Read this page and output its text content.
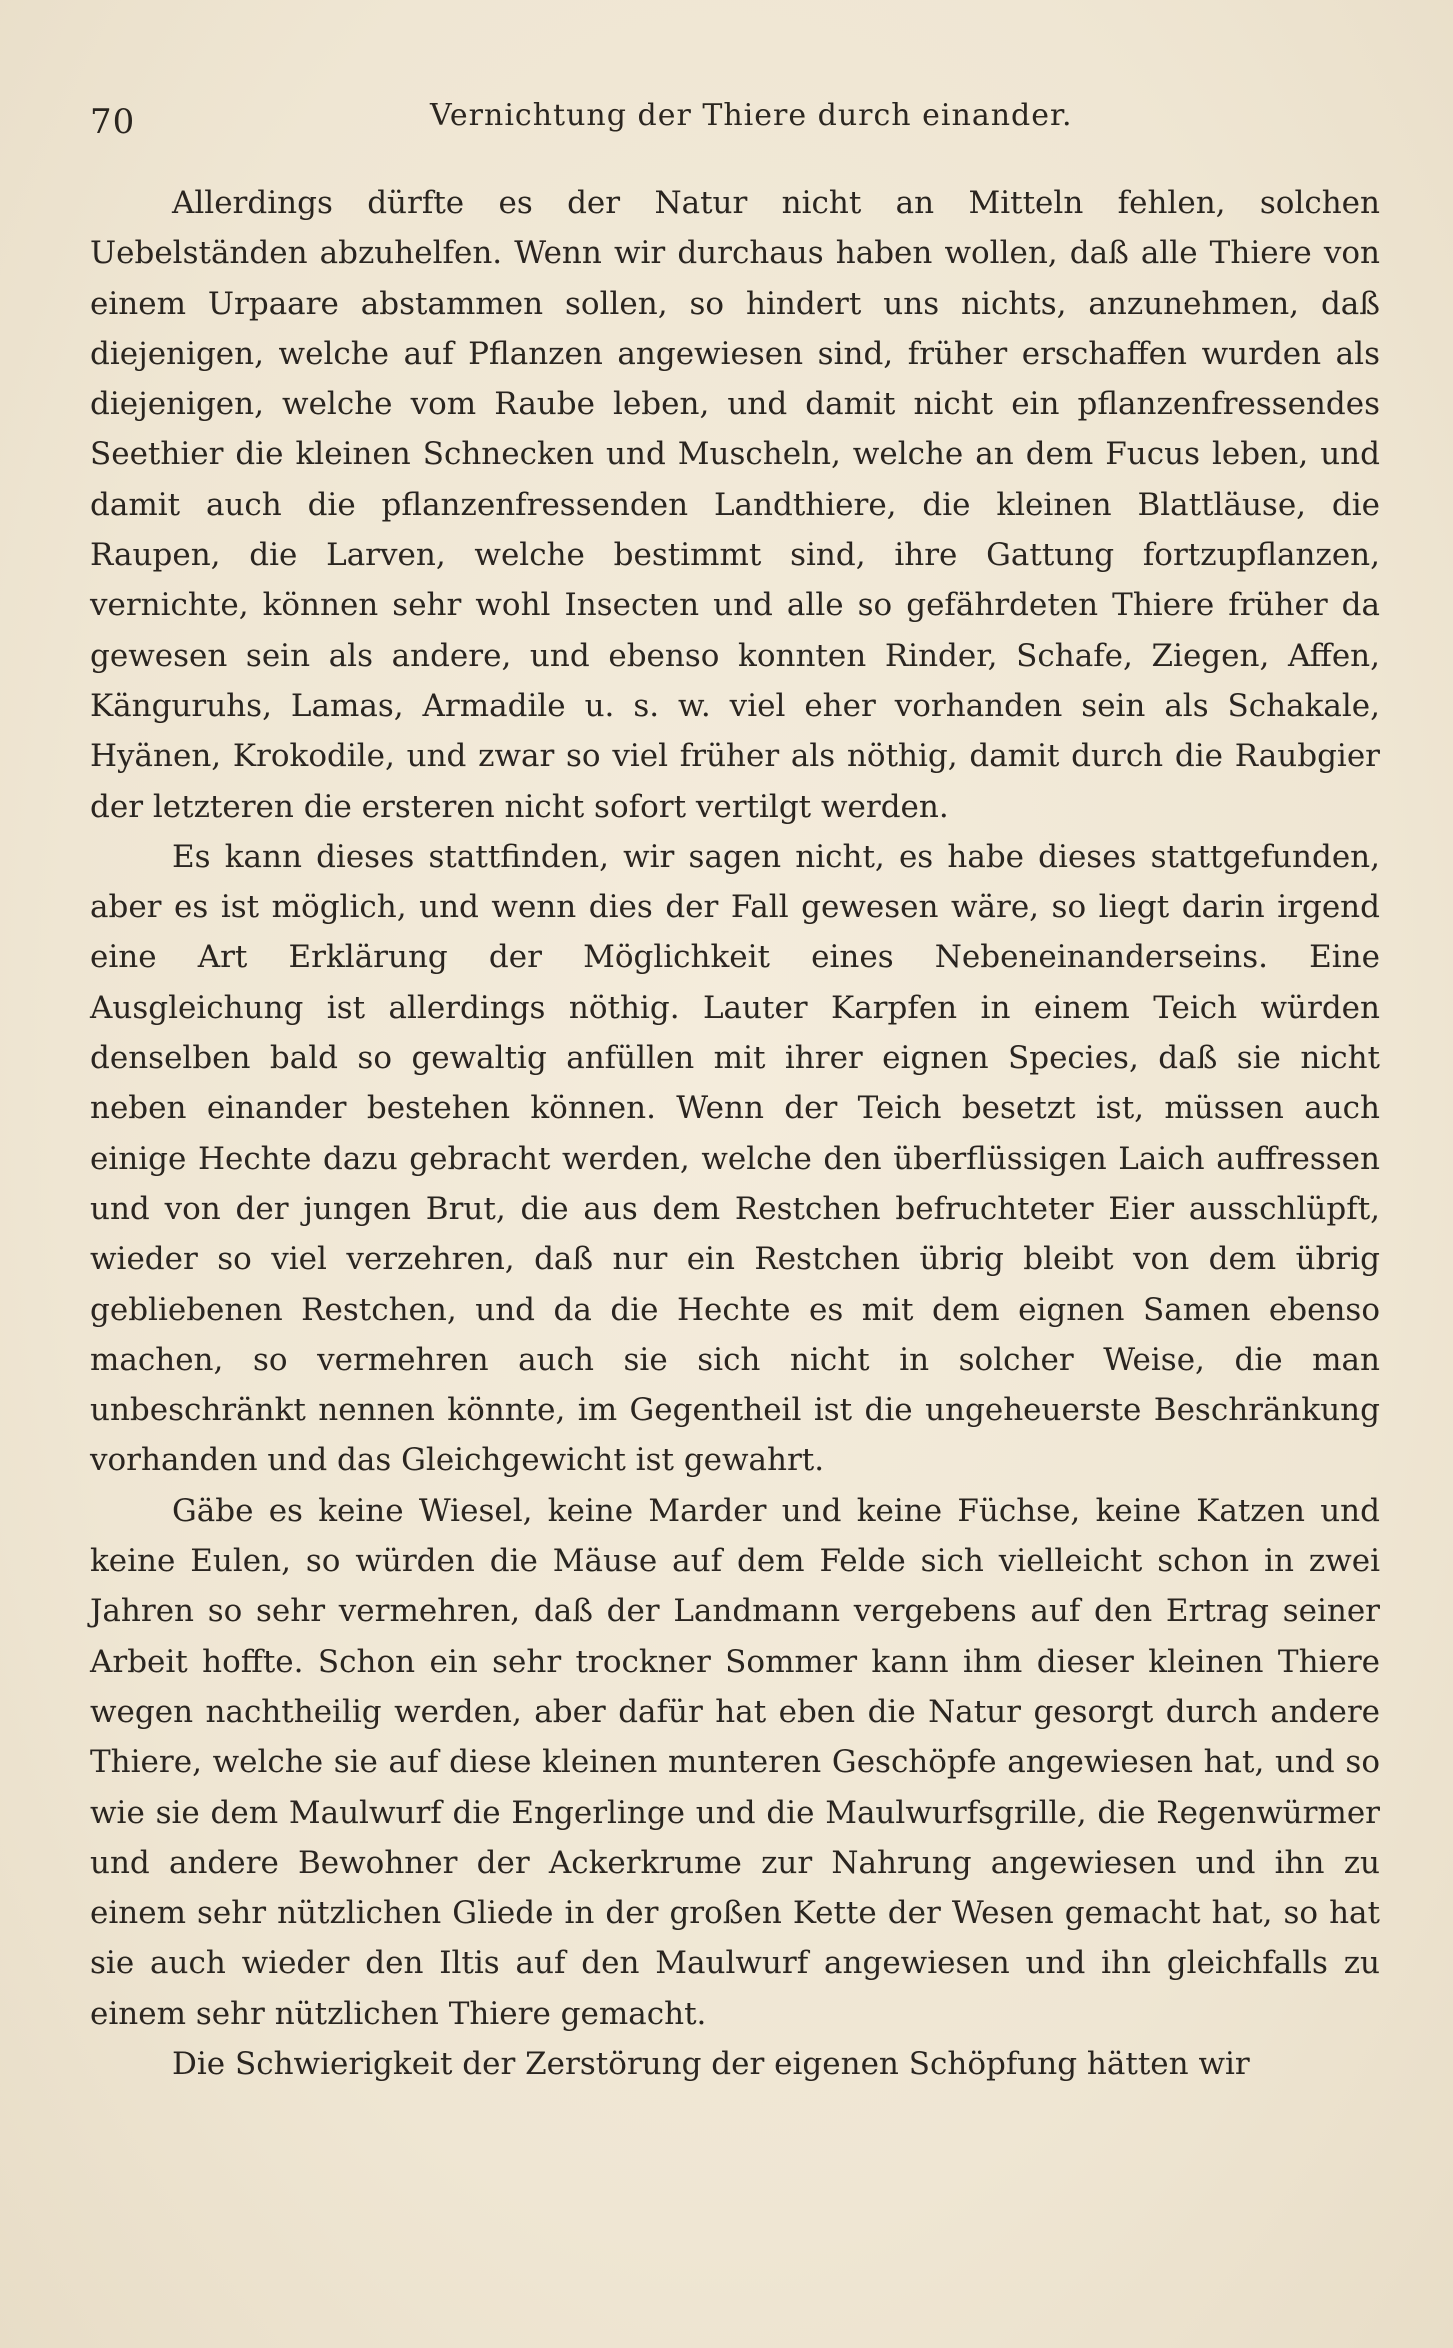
70	Vernichtung der Thiere durch einander.

Allerdings dürfte es der Natur nicht an Mitteln fehlen, solchen Uebelständen abzuhelfen. Wenn wir durchaus haben wollen, daß alle Thiere von einem Urpaare abstammen sollen, so hindert uns nichts, anzunehmen, daß diejenigen, welche auf Pflanzen angewiesen sind, früher erschaffen wurden als diejenigen, welche vom Raube leben, und damit nicht ein pflanzenfressendes Seethier die kleinen Schnecken und Muscheln, welche an dem Fucus leben, und damit auch die pflanzenfressenden Landthiere, die kleinen Blattläuse, die Raupen, die Larven, welche bestimmt sind, ihre Gattung fortzupflanzen, vernichte, können sehr wohl Insecten und alle so gefährdeten Thiere früher da gewesen sein als andere, und ebenso konnten Rinder, Schafe, Ziegen, Affen, Känguruhs, Lamas, Armadile u. s. w. viel eher vorhanden sein als Schakale, Hyänen, Krokodile, und zwar so viel früher als nöthig, damit durch die Raubgier der letzteren die ersteren nicht sofort vertilgt werden.

Es kann dieses stattfinden, wir sagen nicht, es habe dieses stattgefunden, aber es ist möglich, und wenn dies der Fall gewesen wäre, so liegt darin irgend eine Art Erklärung der Möglichkeit eines Nebeneinanderseins. Eine Ausgleichung ist allerdings nöthig. Lauter Karpfen in einem Teich würden denselben bald so gewaltig anfüllen mit ihrer eignen Species, daß sie nicht neben einander bestehen können. Wenn der Teich besetzt ist, müssen auch einige Hechte dazu gebracht werden, welche den überflüssigen Laich auffressen und von der jungen Brut, die aus dem Restchen befruchteter Eier ausschlüpft, wieder so viel verzehren, daß nur ein Restchen übrig bleibt von dem übrig gebliebenen Restchen, und da die Hechte es mit dem eignen Samen ebenso machen, so vermehren auch sie sich nicht in solcher Weise, die man unbeschränkt nennen könnte, im Gegentheil ist die ungeheuerste Beschränkung vorhanden und das Gleichgewicht ist gewahrt.

Gäbe es keine Wiesel, keine Marder und keine Füchse, keine Katzen und keine Eulen, so würden die Mäuse auf dem Felde sich vielleicht schon in zwei Jahren so sehr vermehren, daß der Landmann vergebens auf den Ertrag seiner Arbeit hoffte. Schon ein sehr trockner Sommer kann ihm dieser kleinen Thiere wegen nachtheilig werden, aber dafür hat eben die Natur gesorgt durch andere Thiere, welche sie auf diese kleinen munteren Geschöpfe angewiesen hat, und so wie sie dem Maulwurf die Engerlinge und die Maulwurfsgrille, die Regenwürmer und andere Bewohner der Ackerkrume zur Nahrung angewiesen und ihn zu einem sehr nützlichen Gliede in der großen Kette der Wesen gemacht hat, so hat sie auch wieder den Iltis auf den Maulwurf angewiesen und ihn gleichfalls zu einem sehr nützlichen Thiere gemacht.

Die Schwierigkeit der Zerstörung der eigenen Schöpfung hätten wir
